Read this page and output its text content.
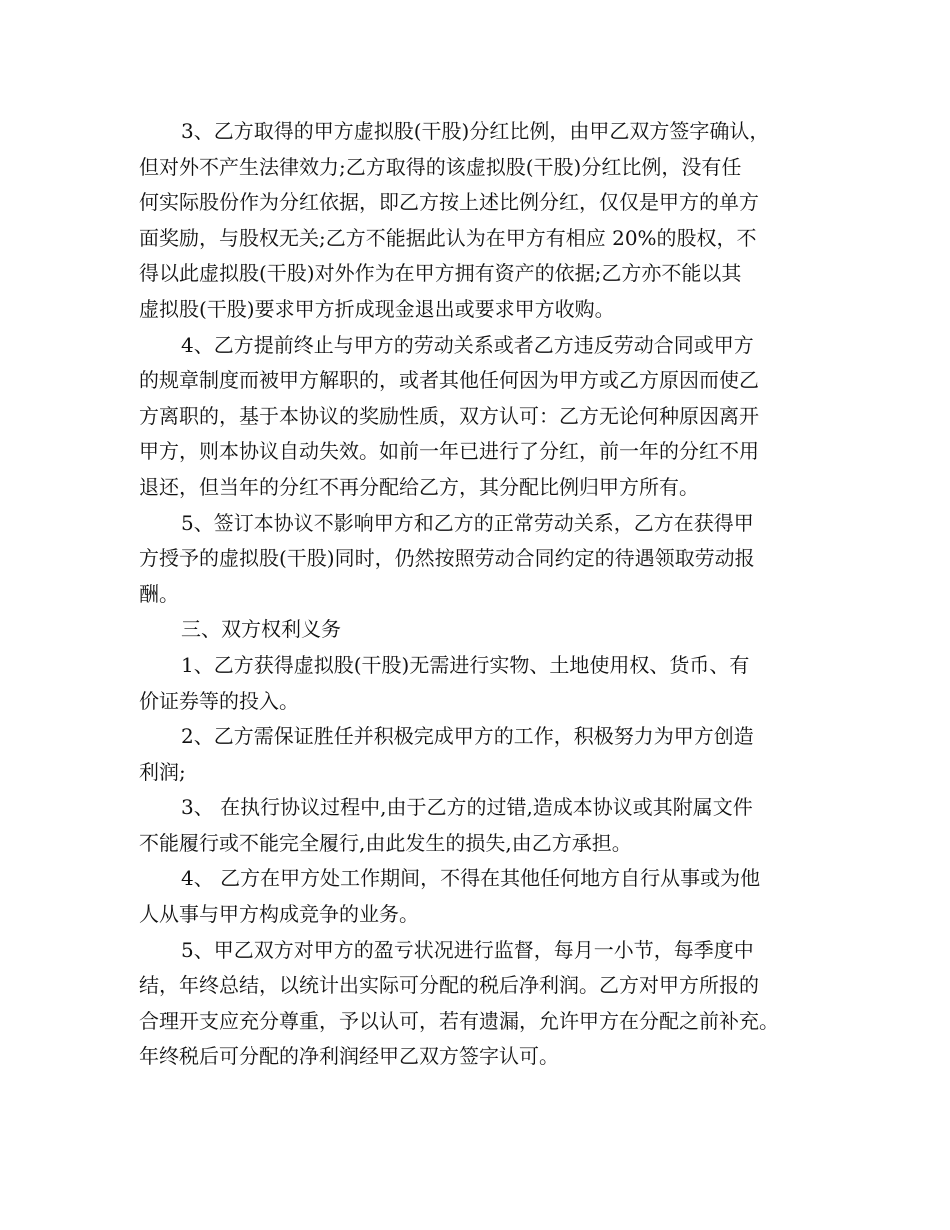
3、乙方取得的甲方虚拟股(干股)分红比例，由甲乙双方签字确认，
但对外不产生法律效力;乙方取得的该虚拟股(干股)分红比例，没有任
何实际股份作为分红依据，即乙方按上述比例分红，仅仅是甲方的单方
面奖励，与股权无关;乙方不能据此认为在甲方有相应 20%的股权，不
得以此虚拟股(干股)对外作为在甲方拥有资产的依据;乙方亦不能以其
虚拟股(干股)要求甲方折成现金退出或要求甲方收购。
4、乙方提前终止与甲方的劳动关系或者乙方违反劳动合同或甲方
的规章制度而被甲方解职的，或者其他任何因为甲方或乙方原因而使乙
方离职的，基于本协议的奖励性质，双方认可：乙方无论何种原因离开
甲方，则本协议自动失效。如前一年已进行了分红，前一年的分红不用
退还，但当年的分红不再分配给乙方，其分配比例归甲方所有。
5、签订本协议不影响甲方和乙方的正常劳动关系，乙方在获得甲
方授予的虚拟股(干股)同时，仍然按照劳动合同约定的待遇领取劳动报
酬。
三、双方权利义务
1、乙方获得虚拟股(干股)无需进行实物、土地使用权、货币、有
价证券等的投入。
2、乙方需保证胜任并积极完成甲方的工作，积极努力为甲方创造
利润;
3、 在执行协议过程中,由于乙方的过错,造成本协议或其附属文件
不能履行或不能完全履行,由此发生的损失,由乙方承担。
4、 乙方在甲方处工作期间，不得在其他任何地方自行从事或为他
人从事与甲方构成竞争的业务。
5、甲乙双方对甲方的盈亏状况进行监督，每月一小节，每季度中
结，年终总结，以统计出实际可分配的税后净利润。乙方对甲方所报的
合理开支应充分尊重，予以认可，若有遗漏，允许甲方在分配之前补充。
年终税后可分配的净利润经甲乙双方签字认可。
